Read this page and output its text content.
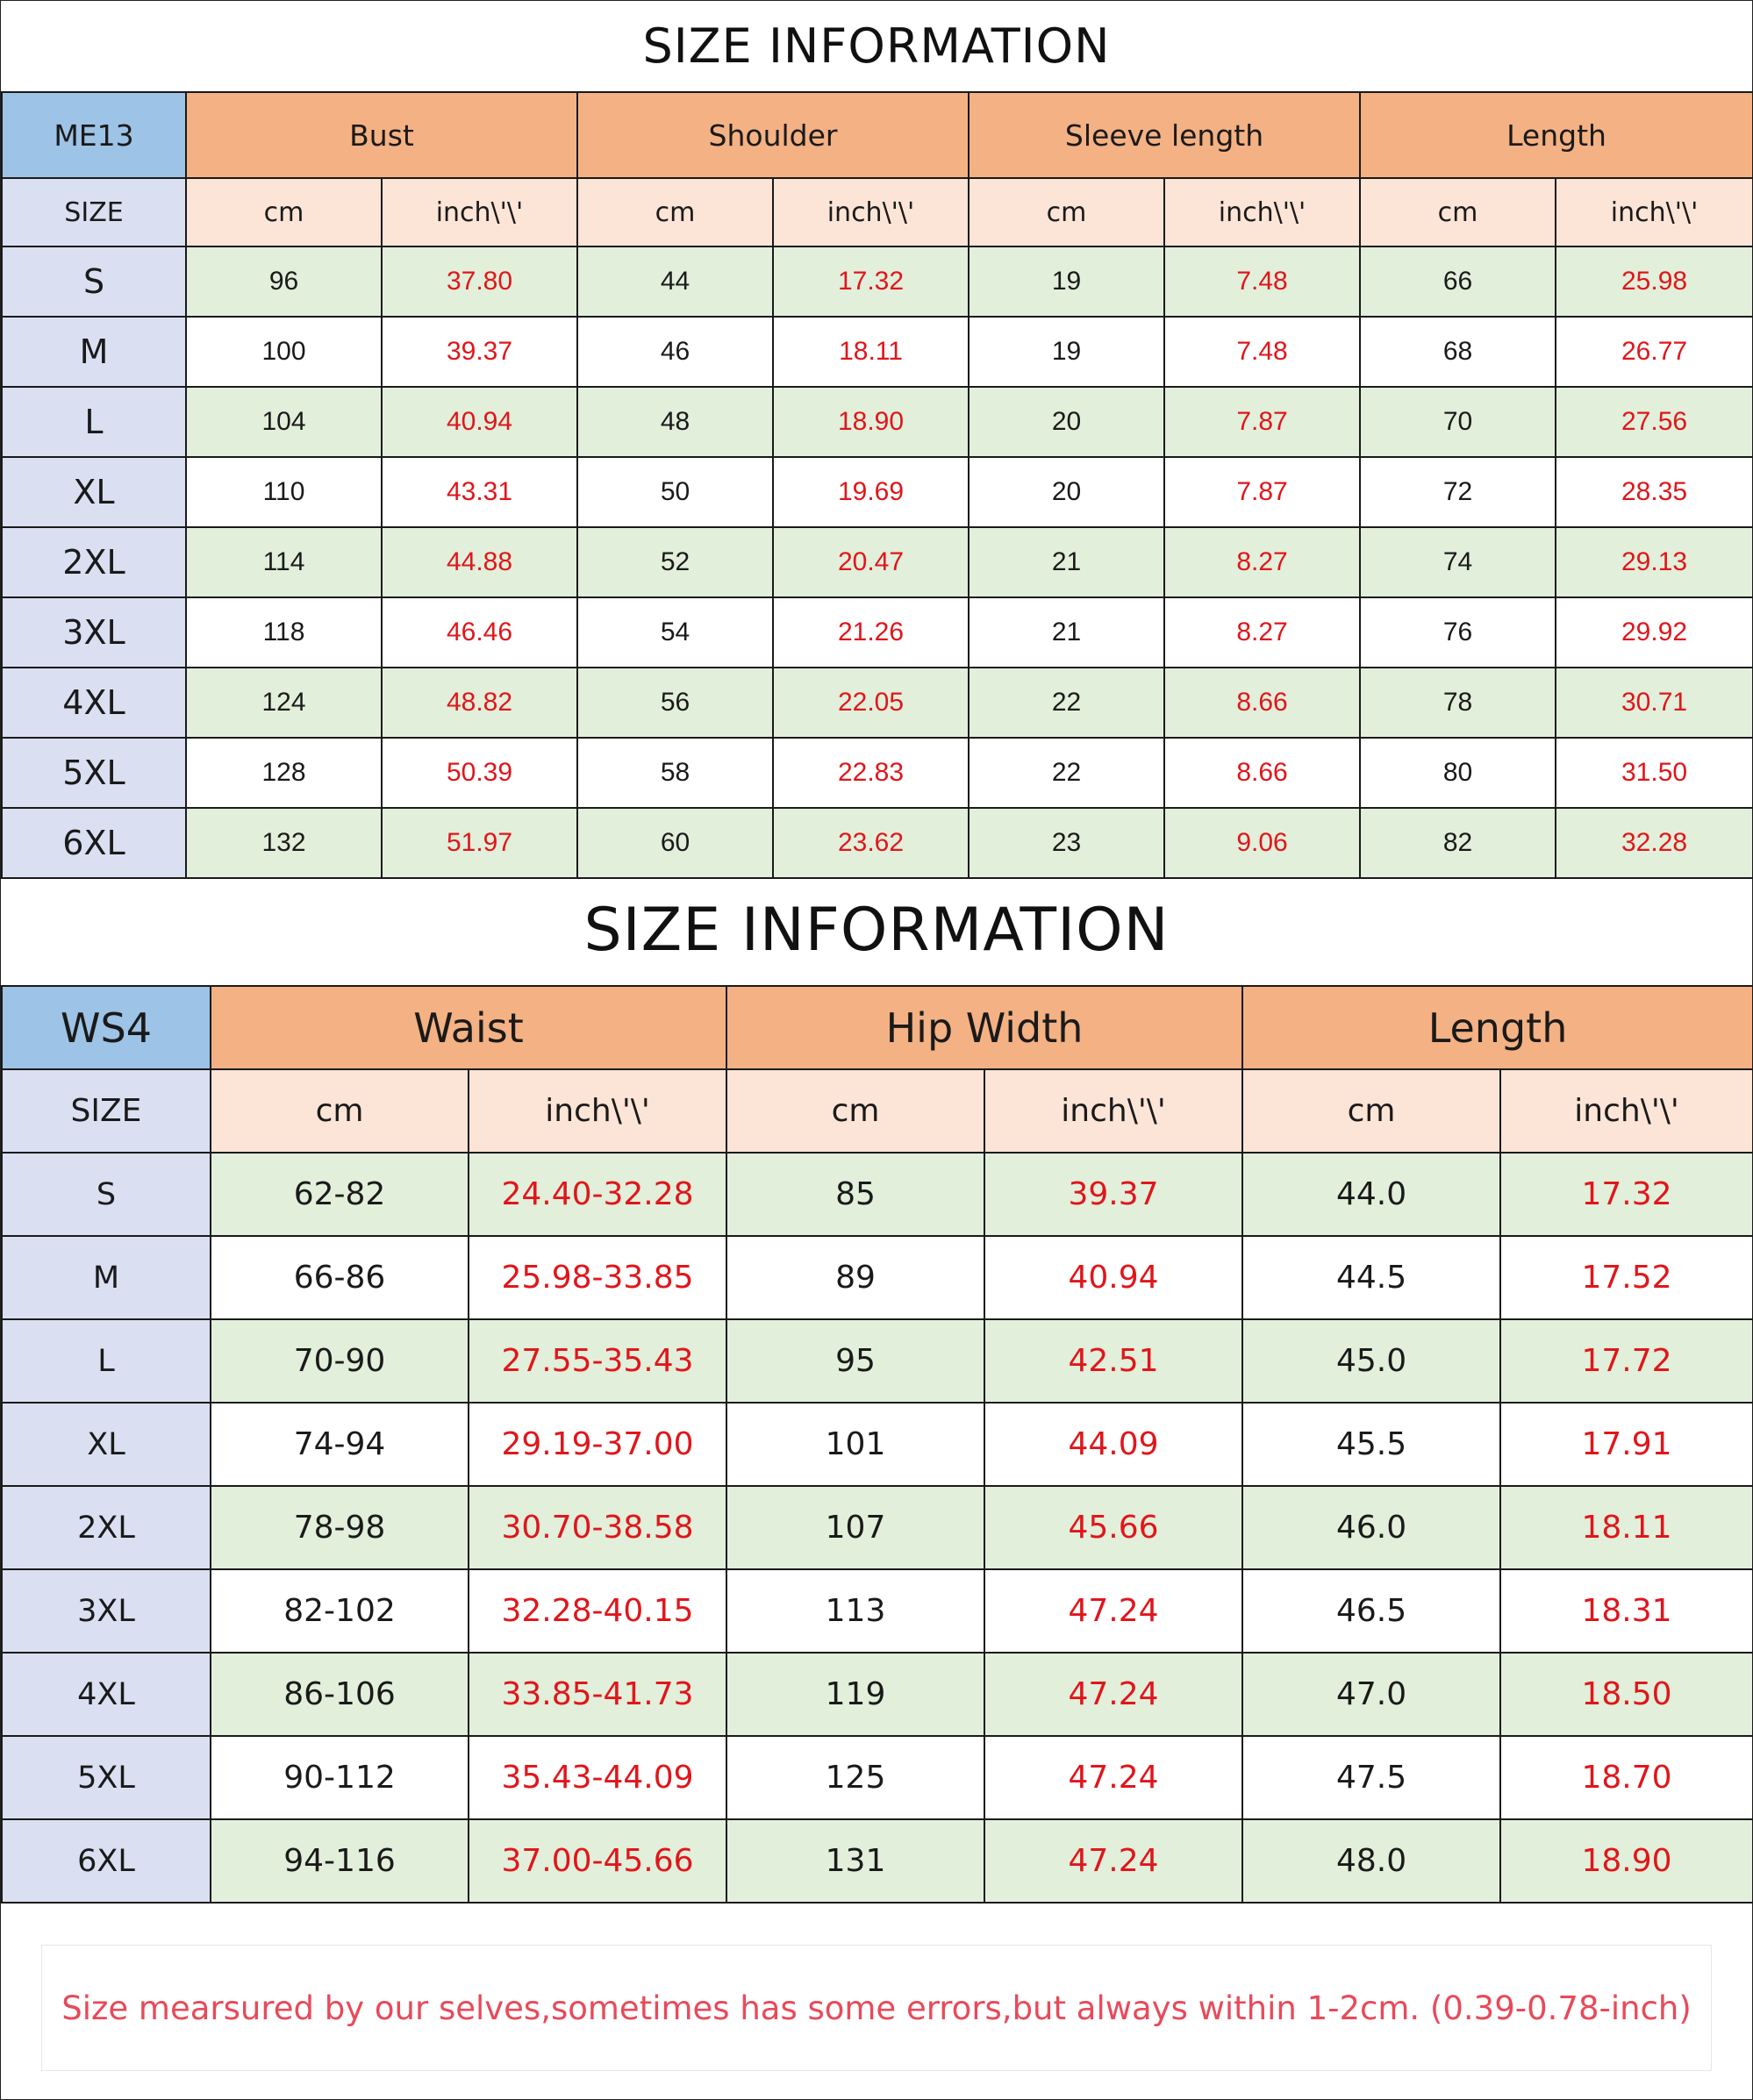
SIZE INFORMATION
ME13	Bust		Shoulder		Sleeve length		Length	
SIZE	cm	inch\'\'	cm	inch\'\'	cm	inch\'\'	cm	inch\'\'
S	96	37.80	44	17.32	19	7.48	66	25.98
M	100	39.37	46	18.11	19	7.48	68	26.77
L	104	40.94	48	18.90	20	7.87	70	27.56
XL	110	43.31	50	19.69	20	7.87	72	28.35
2XL	114	44.88	52	20.47	21	8.27	74	29.13
3XL	118	46.46	54	21.26	21	8.27	76	29.92
4XL	124	48.82	56	22.05	22	8.66	78	30.71
5XL	128	50.39	58	22.83	22	8.66	80	31.50
6XL	132	51.97	60	23.62	23	9.06	82	32.28
SIZE INFORMATION
WS4	Waist		Hip Width		Length	
SIZE	cm	inch\'\'	cm	inch\'\'	cm	inch\'\'
S	62-82	24.40-32.28	85	39.37	44.0	17.32
M	66-86	25.98-33.85	89	40.94	44.5	17.52
L	70-90	27.55-35.43	95	42.51	45.0	17.72
XL	74-94	29.19-37.00	101	44.09	45.5	17.91
2XL	78-98	30.70-38.58	107	45.66	46.0	18.11
3XL	82-102	32.28-40.15	113	47.24	46.5	18.31
4XL	86-106	33.85-41.73	119	47.24	47.0	18.50
5XL	90-112	35.43-44.09	125	47.24	47.5	18.70
6XL	94-116	37.00-45.66	131	47.24	48.0	18.90
Size mearsured by our selves,sometimes has some errors,but always within 1-2cm. (0.39-0.78-inch)
